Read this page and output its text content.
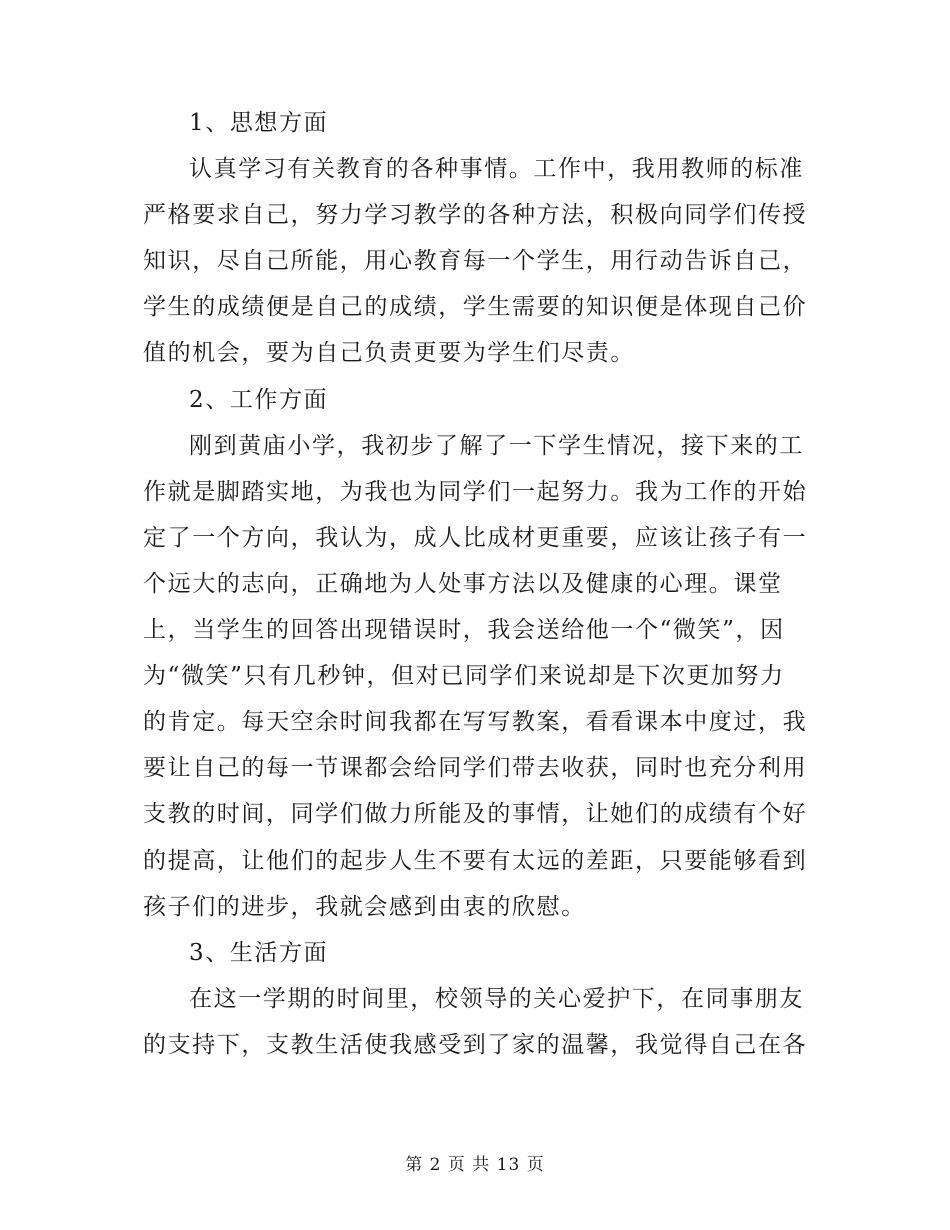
1、思想方面
认真学习有关教育的各种事情。工作中，我用教师的标准
严格要求自己，努力学习教学的各种方法，积极向同学们传授
知识，尽自己所能，用心教育每一个学生，用行动告诉自己，
学生的成绩便是自己的成绩，学生需要的知识便是体现自己价
值的机会，要为自己负责更要为学生们尽责。
2、工作方面
刚到黄庙小学，我初步了解了一下学生情况，接下来的工
作就是脚踏实地，为我也为同学们一起努力。我为工作的开始
定了一个方向，我认为，成人比成材更重要，应该让孩子有一
个远大的志向，正确地为人处事方法以及健康的心理。课堂
上，当学生的回答出现错误时，我会送给他一个“微笑”，因
为“微笑”只有几秒钟，但对已同学们来说却是下次更加努力
的肯定。每天空余时间我都在写写教案，看看课本中度过，我
要让自己的每一节课都会给同学们带去收获，同时也充分利用
支教的时间，同学们做力所能及的事情，让她们的成绩有个好
的提高，让他们的起步人生不要有太远的差距，只要能够看到
孩子们的进步，我就会感到由衷的欣慰。
3、生活方面
在这一学期的时间里，校领导的关心爱护下，在同事朋友
的支持下，支教生活使我感受到了家的温馨，我觉得自己在各
第 2 页 共 13 页
